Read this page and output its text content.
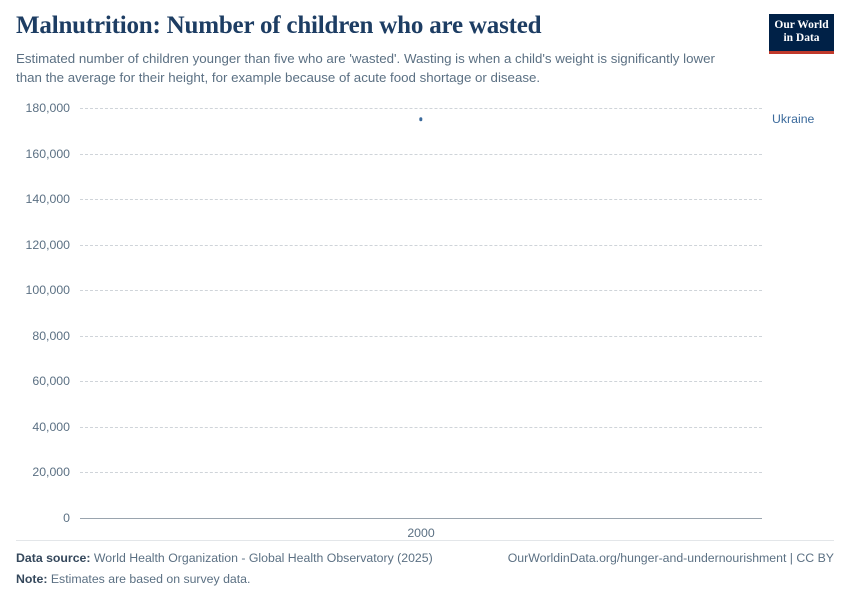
Malnutrition: Number of children who are wasted

Estimated number of children younger than five who are 'wasted'. Wasting is when a child's weight is significantly lower than the average for their height, for example because of acute food shortage or disease.

Our World
in Data
0
20,000
40,000
60,000
80,000
100,000
120,000
140,000
160,000
180,000
2000
Ukraine
Data source: World Health Organization - Global Health Observatory (2025)	OurWorldinData.org/hunger-and-undernourishment | CC BY
Note: Estimates are based on survey data.
